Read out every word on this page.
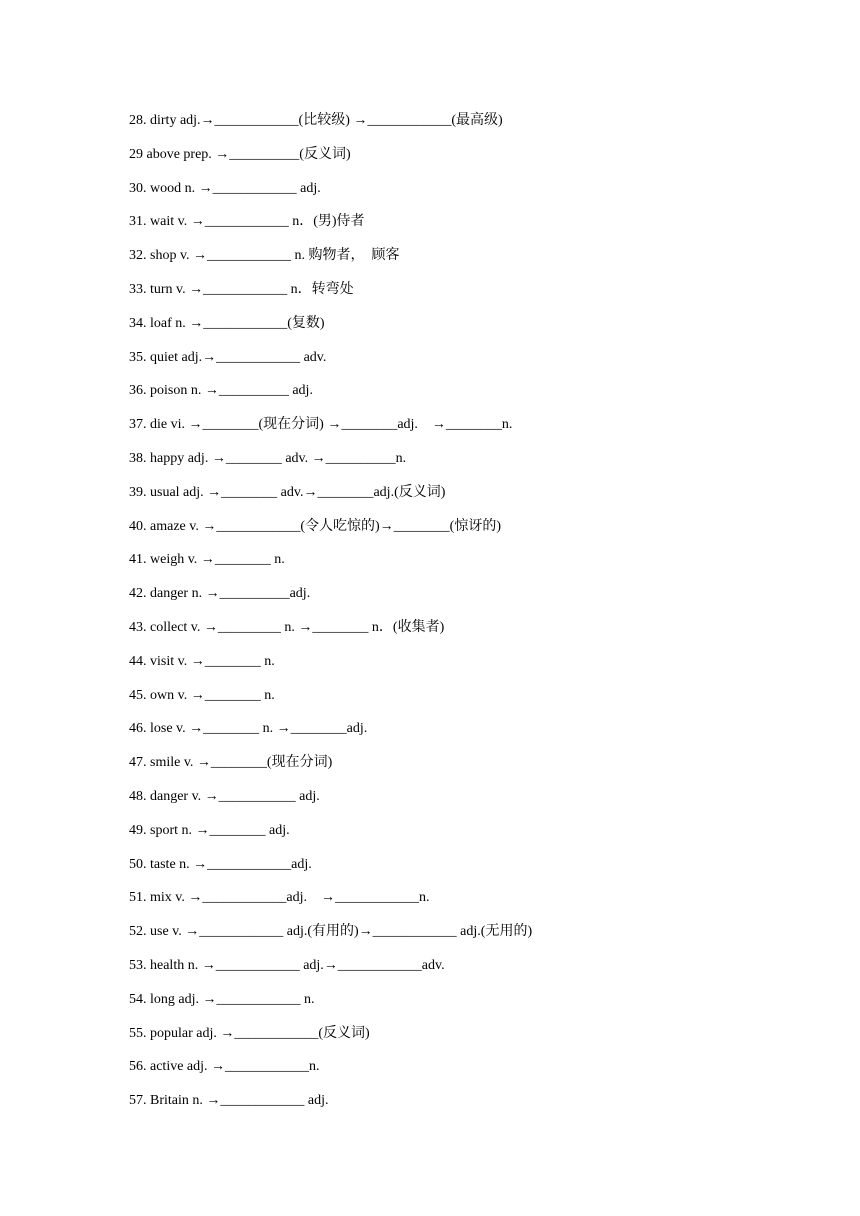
28. dirty adj.→____________(比较级) →____________(最高级)
29 above prep. →__________(反义词)
30. wood n. →____________ adj.
31. wait v. →____________ n．(男)侍者
32. shop v. →____________ n. 购物者，  顾客
33. turn v. →____________ n．转弯处
34. loaf n. →____________(复数)
35. quiet adj.→____________ adv.
36. poison n. →__________ adj.
37. die vi. →________(现在分词) →________adj.    →________n.
38. happy adj. →________ adv. →__________n.
39. usual adj. →________ adv.→________adj.(反义词)
40. amaze v. →____________(令人吃惊的)→________(惊讶的)
41. weigh v. →________ n.
42. danger n. →__________adj.
43. collect v. →_________ n. →________ n．(收集者)
44. visit v. →________ n.
45. own v. →________ n.
46. lose v. →________ n. →________adj.
47. smile v. →________(现在分词)
48. danger v. →___________ adj.
49. sport n. →________ adj.
50. taste n. →____________adj.
51. mix v. →____________adj.    →____________n.
52. use v. →____________ adj.(有用的)→____________ adj.(无用的)
53. health n. →____________ adj.→____________adv.
54. long adj. →____________ n.
55. popular adj. →____________(反义词)
56. active adj. →____________n.
57. Britain n. →____________ adj.
